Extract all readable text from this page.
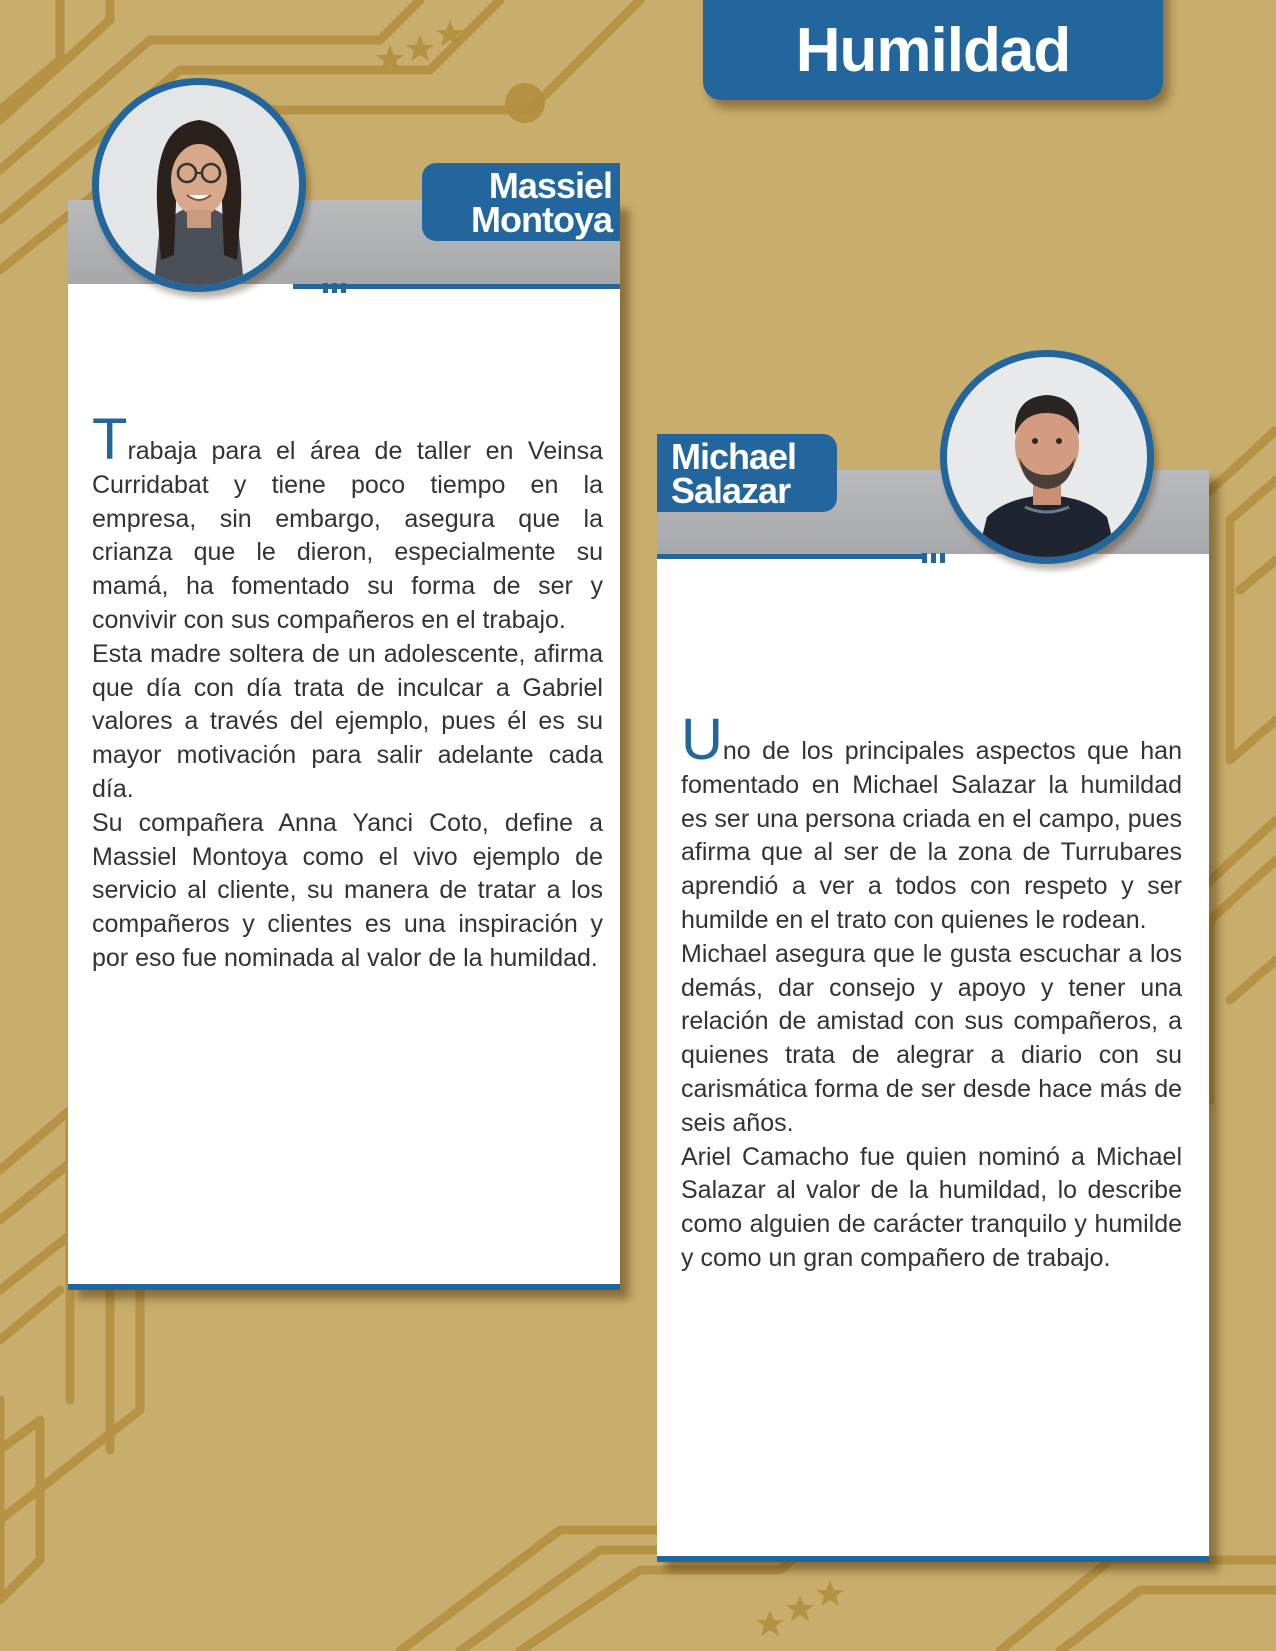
Humildad
Massiel
Montoya

Trabaja para el área de taller en Veinsa Curridabat y tiene poco tiempo en la empresa, sin embargo, asegura que la crianza que le dieron, especialmente su mamá, ha fomentado su forma de ser y convivir con sus compañeros en el trabajo.

Esta madre soltera de un adolescente, afirma que día con día trata de inculcar a Gabriel valores a través del ejemplo, pues él es su mayor motivación para salir adelante cada día.

Su compañera Anna Yanci Coto, define a Massiel Montoya como el vivo ejemplo de servicio al cliente, su manera de tratar a los compañeros y clientes es una inspiración y por eso fue nominada al valor de la humildad.

Michael
Salazar

Uno de los principales aspectos que han fomentado en Michael Salazar la humildad es ser una persona criada en el campo, pues afirma que al ser de la zona de Turrubares aprendió a ver a todos con respeto y ser humilde en el trato con quienes le rodean.

Michael asegura que le gusta escuchar a los demás, dar consejo y apoyo y tener una relación de amistad con sus compañeros, a quienes trata de alegrar a diario con su carismática forma de ser desde hace más de seis años.

Ariel Camacho fue quien nominó a Michael Salazar al valor de la humildad, lo describe como alguien de carácter tranquilo y humilde y como un gran compañero de trabajo.
